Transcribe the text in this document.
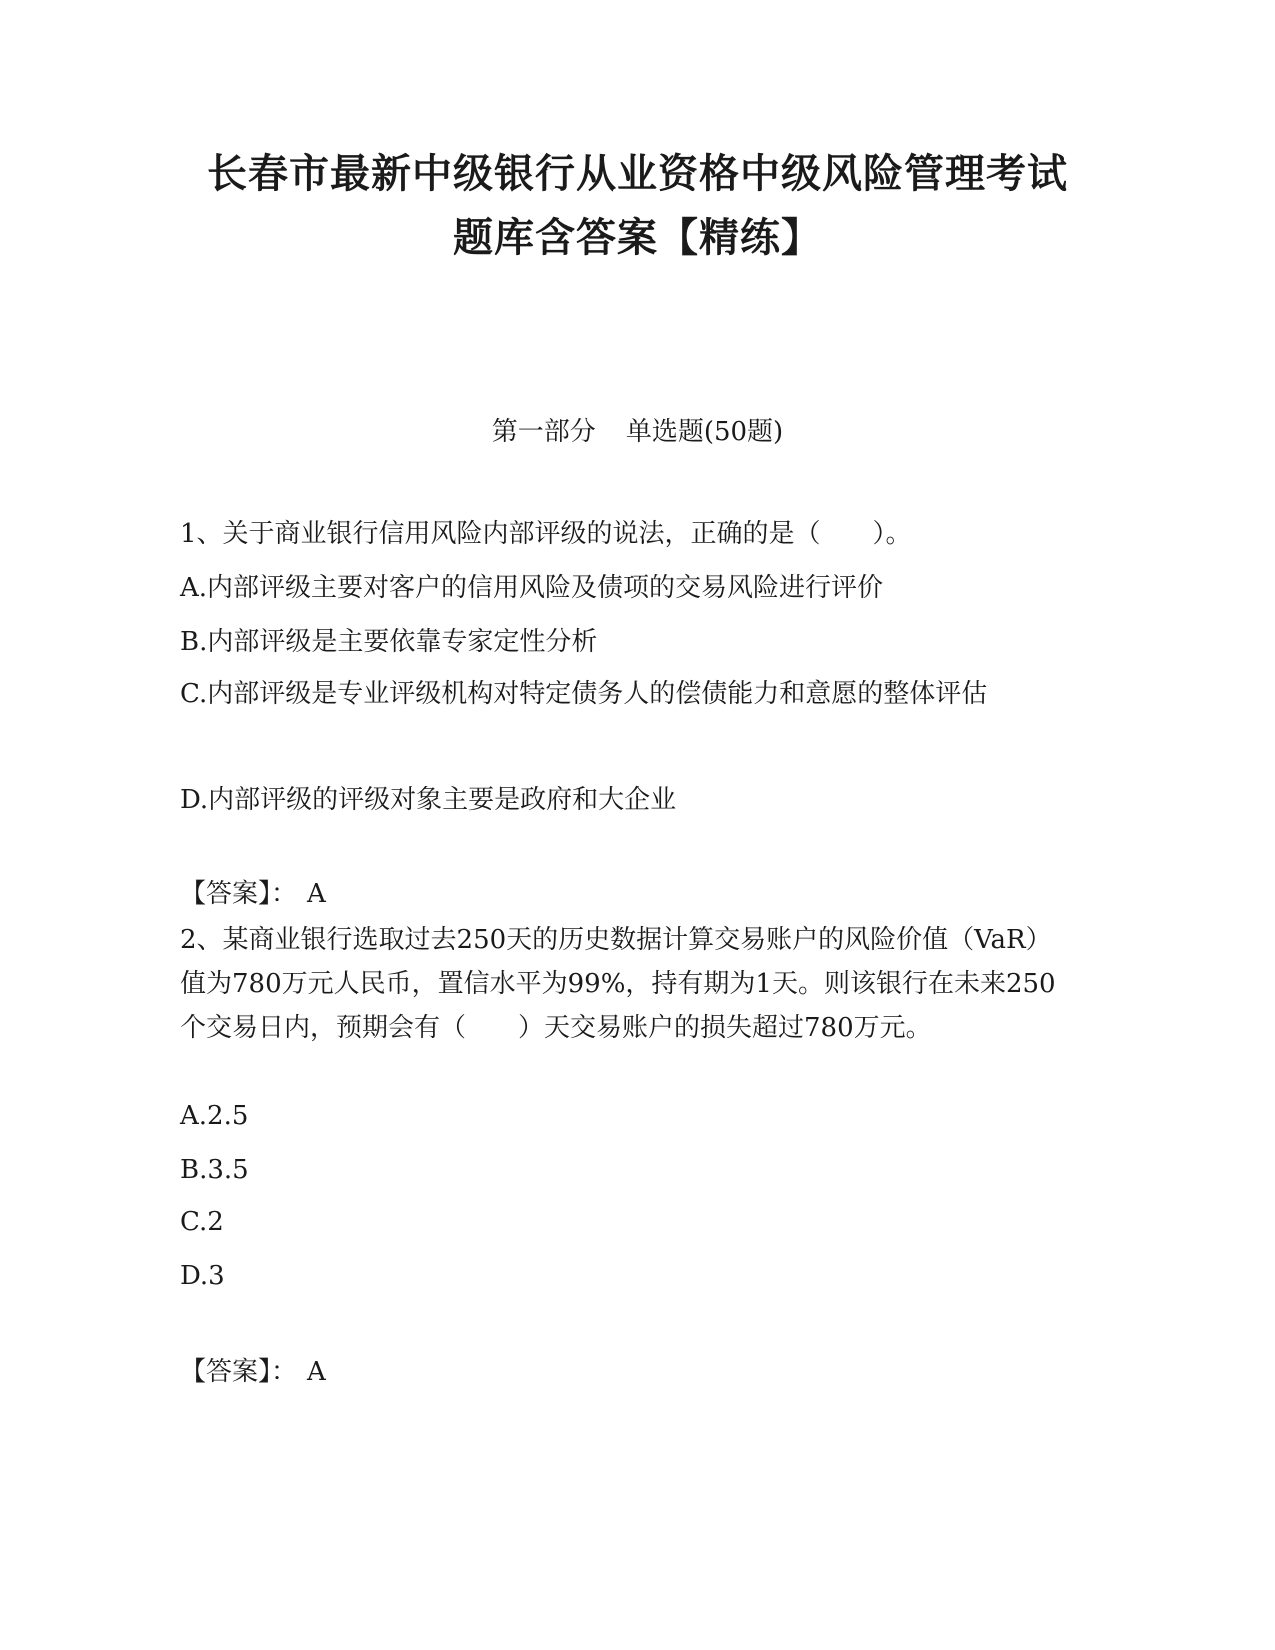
长春市最新中级银行从业资格中级风险管理考试
题库含答案【精练】
第一部分 单选题(50题)
1、关于商业银行信用风险内部评级的说法，正确的是（　　）。
A.内部评级主要对客户的信用风险及债项的交易风险进行评价
B.内部评级是主要依靠专家定性分析
C.内部评级是专业评级机构对特定债务人的偿债能力和意愿的整体评估
D.内部评级的评级对象主要是政府和大企业
【答案】： A
2、某商业银行选取过去250天的历史数据计算交易账户的风险价值（VaR）值为780万元人民币，置信水平为99%，持有期为1天。则该银行在未来250个交易日内，预期会有（　　）天交易账户的损失超过780万元。
A.2.5
B.3.5
C.2
D.3
【答案】： A
